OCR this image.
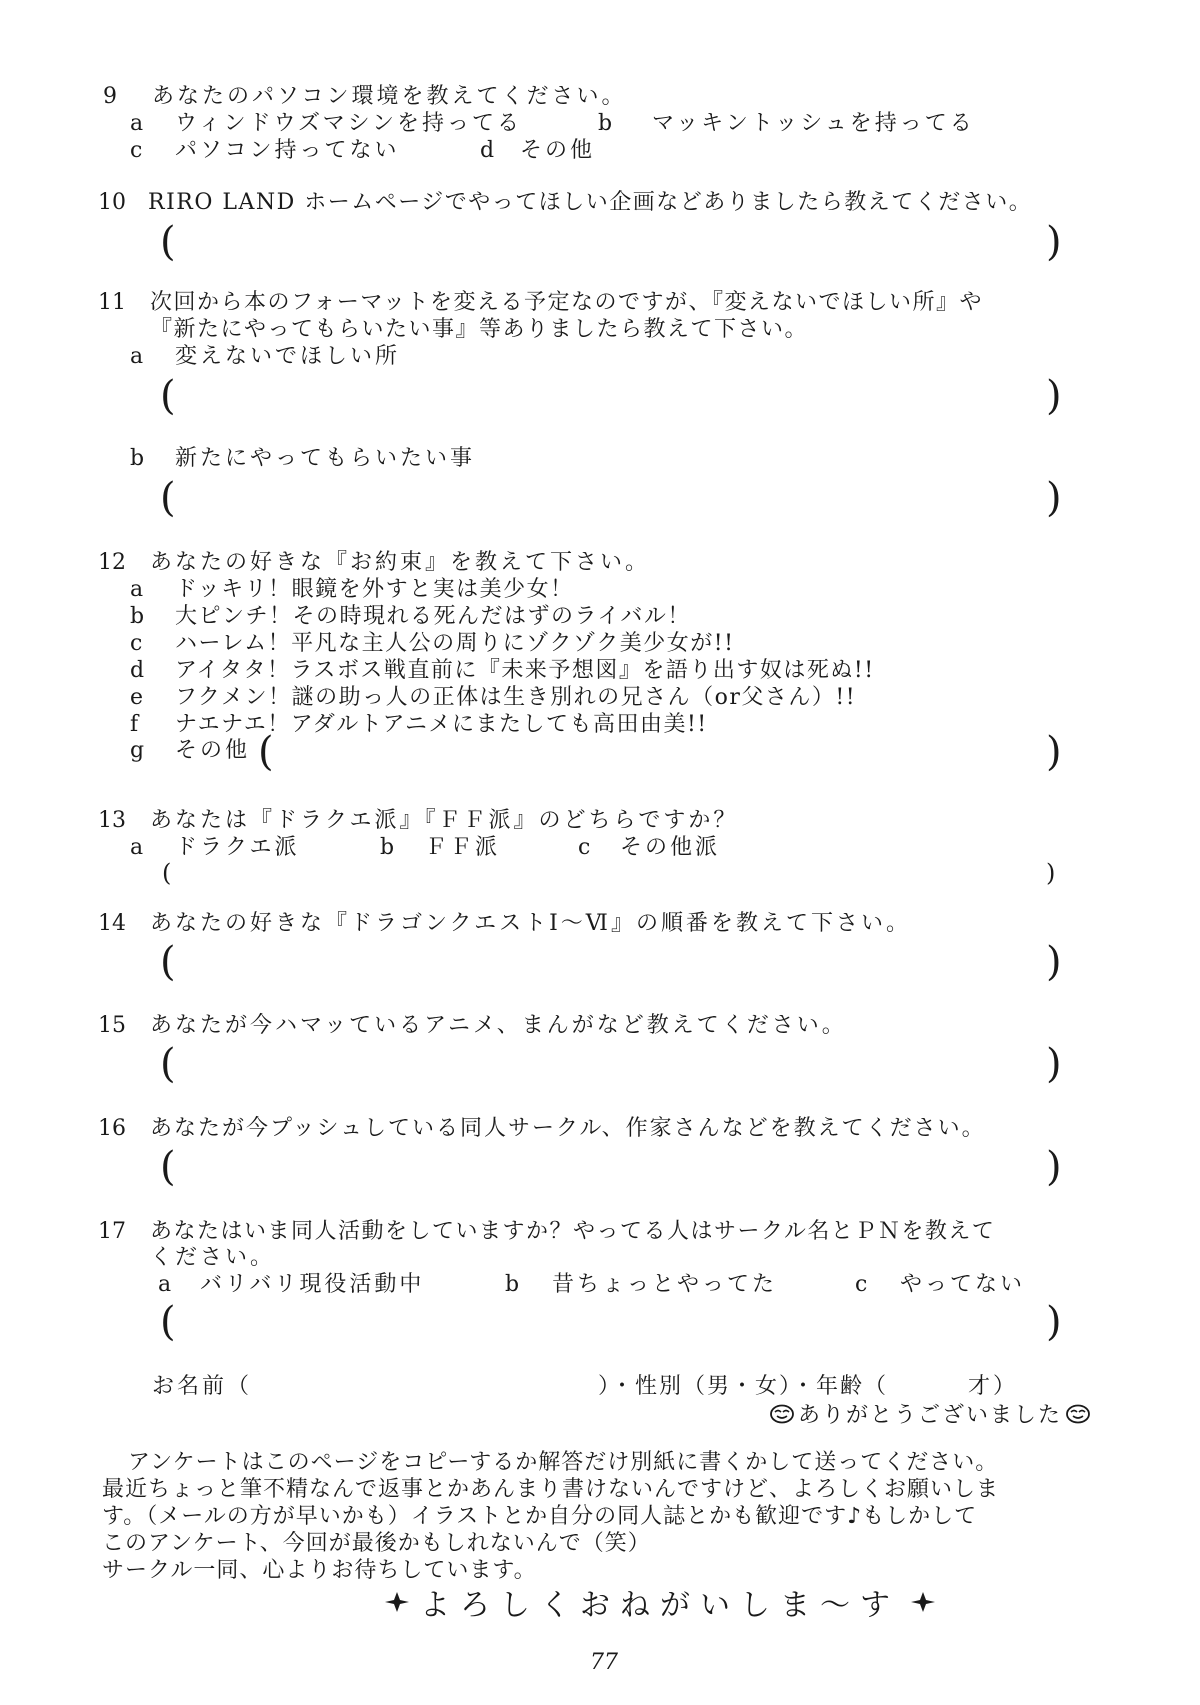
9 あなたのパソコン環境を教えてください。
a ウィンドウズマシンを持ってる	b マッキントッシュを持ってる
c パソコン持ってない	d その他
10 RIRO LAND ホームページでやってほしい企画などありましたら教えてください。
(	)
11 次回から本のフォーマットを変える予定なのですが、『変えないでほしい所』や
『新たにやってもらいたい事』等ありましたら教えて下さい。
a 変えないでほしい所
(	)
b 新たにやってもらいたい事
(	)
12 あなたの好きな『お約束』を教えて下さい。
a ドッキリ！眼鏡を外すと実は美少女！
b 大ピンチ！その時現れる死んだはずのライバル！
c ハーレム！平凡な主人公の周りにゾクゾク美少女が!!
d アイタタ！ラスボス戦直前に『未来予想図』を語り出す奴は死ぬ!!
e フクメン！謎の助っ人の正体は生き別れの兄さん（or父さん）!!
f ナエナエ！アダルトアニメにまたしても高田由美!!
g その他 (	)
13 あなたは『ドラクエ派』『ＦＦ派』のどちらですか？
a ドラクエ派	b ＦＦ派	c その他派
(	)
14 あなたの好きな『ドラゴンクエストⅠ～Ⅵ』の順番を教えて下さい。
(	)
15 あなたが今ハマッているアニメ、まんがなど教えてください。
(	)
16 あなたが今プッシュしている同人サークル、作家さんなどを教えてください。
(	)
17 あなたはいま同人活動をしていますか？やってる人はサークル名とＰＮを教えて
ください。
a バリバリ現役活動中	b 昔ちょっとやってた	c やってない
(	)
お名前（	）・性別（男・女）・年齢（	才）
ありがとうございました
アンケートはこのページをコピーするか解答だけ別紙に書くかして送ってください。
最近ちょっと筆不精なんで返事とかあんまり書けないんですけど、よろしくお願いしま
す。（メールの方が早いかも）イラストとか自分の同人誌とかも歓迎です♪もしかして
このアンケート、今回が最後かもしれないんで（笑）
サークル一同、心よりお待ちしています。
よろしくおねがいしま～す
77
